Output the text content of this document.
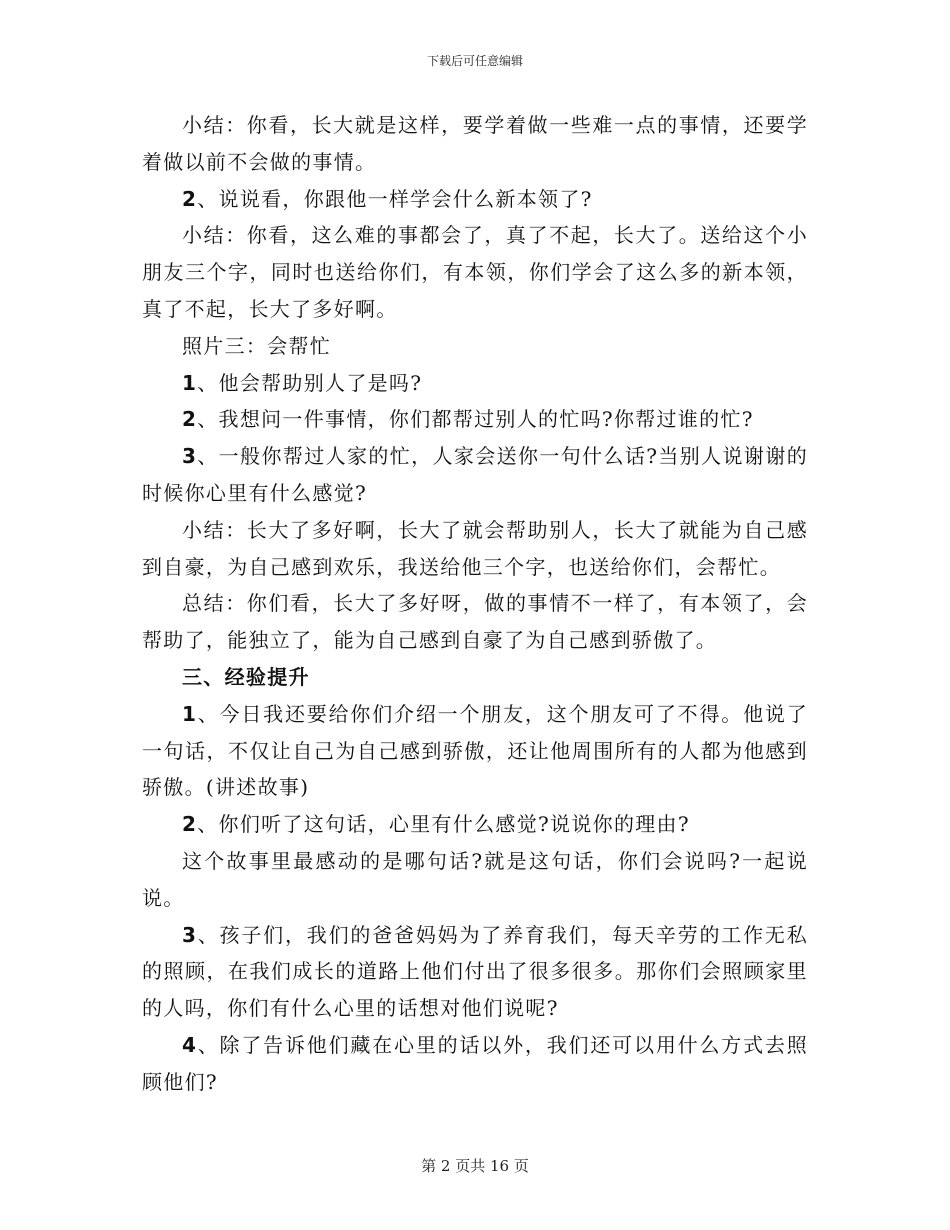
下载后可任意编辑

小结：你看，长大就是这样，要学着做一些难一点的事情，还要学着做以前不会做的事情。

2、说说看，你跟他一样学会什么新本领了?

小结：你看，这么难的事都会了，真了不起，长大了。送给这个小朋友三个字，同时也送给你们，有本领，你们学会了这么多的新本领，真了不起，长大了多好啊。

照片三：会帮忙

1、他会帮助别人了是吗?

2、我想问一件事情，你们都帮过别人的忙吗?你帮过谁的忙?

3、一般你帮过人家的忙，人家会送你一句什么话?当别人说谢谢的时候你心里有什么感觉?

小结：长大了多好啊，长大了就会帮助别人，长大了就能为自己感到自豪，为自己感到欢乐，我送给他三个字，也送给你们，会帮忙。

总结：你们看，长大了多好呀，做的事情不一样了，有本领了，会帮助了，能独立了，能为自己感到自豪了为自己感到骄傲了。

三、经验提升

1、今日我还要给你们介绍一个朋友，这个朋友可了不得。他说了一句话，不仅让自己为自己感到骄傲，还让他周围所有的人都为他感到骄傲。(讲述故事)

2、你们听了这句话，心里有什么感觉?说说你的理由?

这个故事里最感动的是哪句话?就是这句话，你们会说吗?一起说说。

3、孩子们，我们的爸爸妈妈为了养育我们，每天辛劳的工作无私的照顾，在我们成长的道路上他们付出了很多很多。那你们会照顾家里的人吗，你们有什么心里的话想对他们说呢?

4、除了告诉他们藏在心里的话以外，我们还可以用什么方式去照顾他们?

第 2 页共 16 页
